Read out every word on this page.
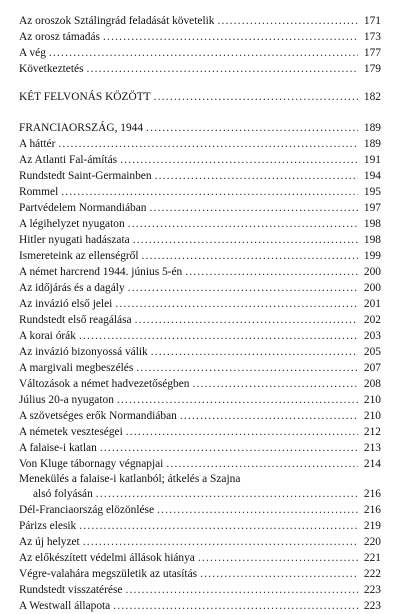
Az oroszok Sztálingrád feladását követelik .....	171
Az orosz támadás .....	173
A vég .....	177
Következtetés .....	179
KÉT FELVONÁS KÖZÖTT .....	182
FRANCIAORSZÁG, 1944 .....	189
A háttér .....	189
Az Atlanti Fal-ámítás .....	191
Rundstedt Saint-Germainben .....	194
Rommel .....	195
Partvédelem Normandiában .....	197
A légihelyzet nyugaton .....	198
Hitler nyugati hadászata .....	198
Ismereteink az ellenségről .....	199
A német harcrend 1944. június 5-én .....	200
Az időjárás és a dagály .....	200
Az invázió első jelei .....	201
Rundstedt első reagálása .....	202
A korai órák .....	203
Az invázió bizonyossá válik .....	205
A margivali megbeszélés .....	207
Változások a német hadvezetőségben .....	208
Július 20-a nyugaton .....	210
A szövetséges erők Normandiában .....	210
A németek veszteségei .....	212
A falaise-i katlan .....	213
Von Kluge tábornagy végnapjai .....	214
Menekülés a falaise-i katlanból; átkelés a Szajna
alsó folyásán .....	216
Dél-Franciaország elözönlése .....	216
Párizs elesik .....	219
Az új helyzet .....	220
Az előkészített védelmi állások hiánya .....	221
Végre-valahára megszületik az utasítás .....	222
Rundstedt visszatérése .....	223
A Westwall állapota .....	223
